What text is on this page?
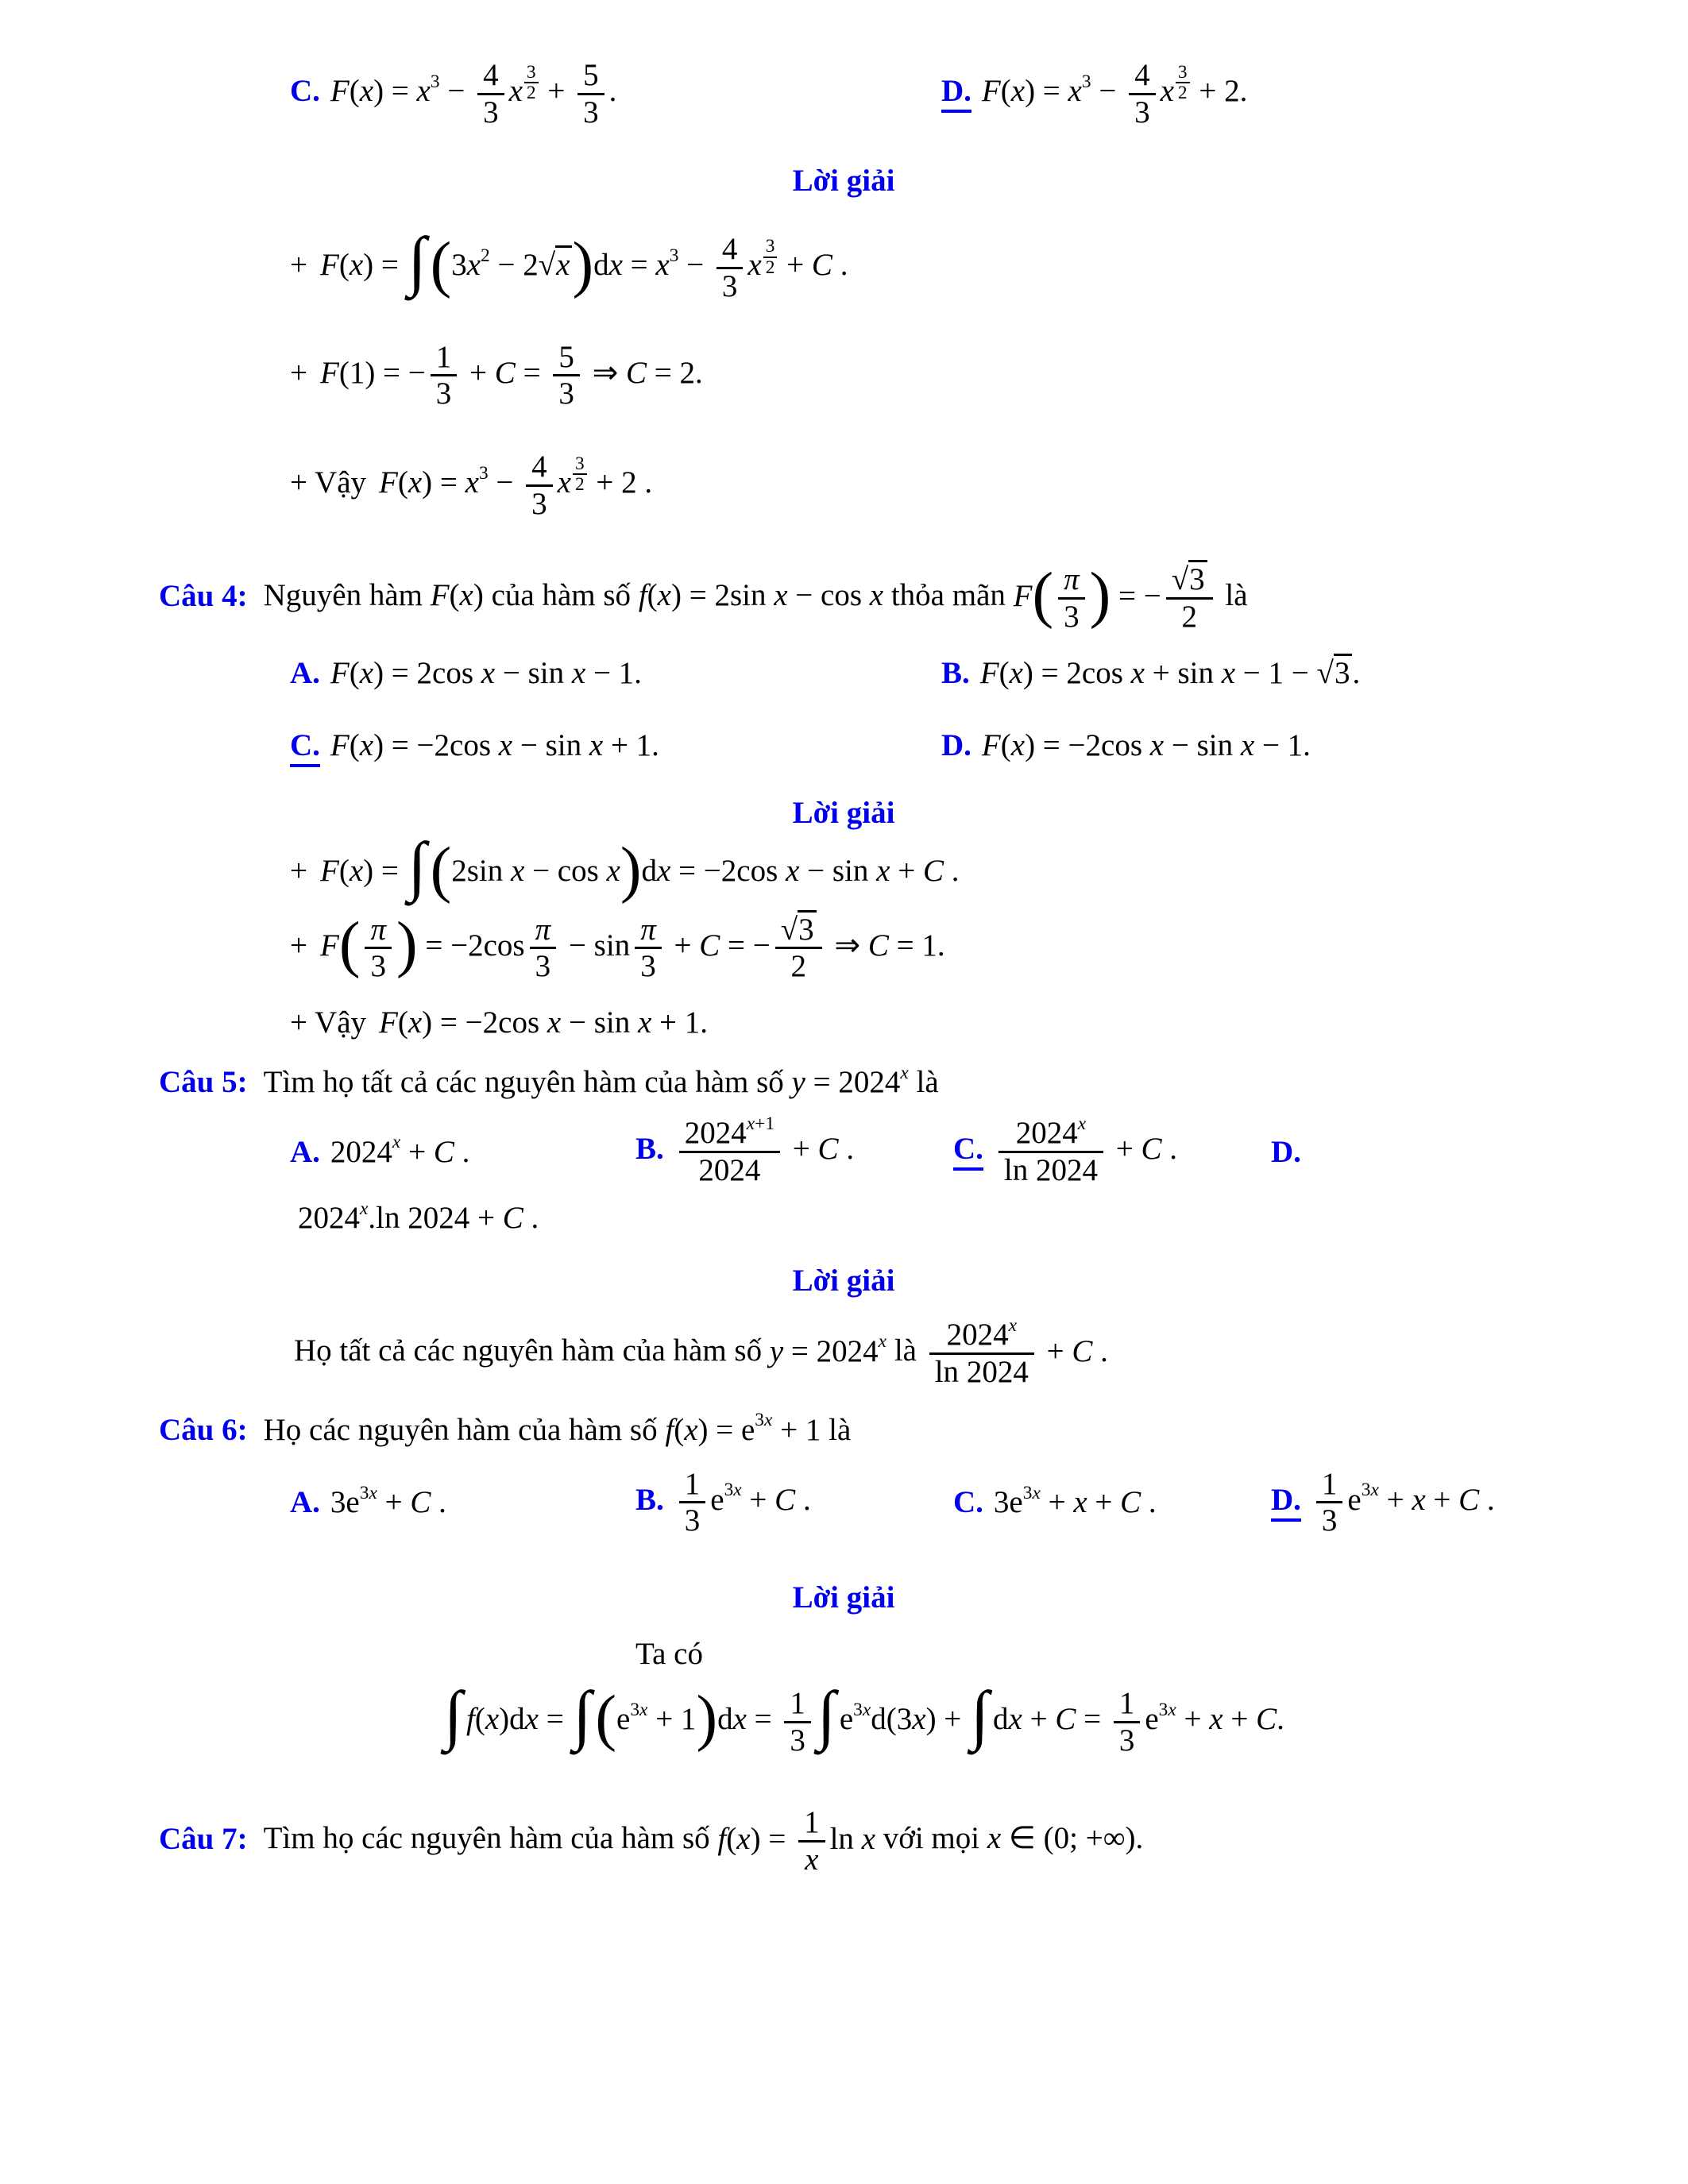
C. $F(x) = x^3 - \frac{4}{3}$ x $^{\frac{3}{2}} + \frac{5}{3}$ .	D. $F(x) = x^3 - \frac{4}{3}$ x $^{\frac{3}{2}}$ + 2.
Lời giải
+ $F(x) = \int(3x^2 - 2√x)dx = x^3 - \frac{4}{3}$ x $^{\frac{3}{2}}$ + C .
+ F(1) = − $\frac{1}{3} + C = \frac{5}{3}$ ⇒ C = 2.
+ Vậy $F(x) = x^3 - \frac{4}{3}$ x $^{\frac{3}{2}}$ + 2 .
Câu 4: Nguyên hàm F(x) của hàm số f(x) = 2sin x − cos x thỏa mãn $F( \frac{\pi}{3}$ ) = − $\frac{√3}{2}$ là
A. F(x) = 2cos x − sin x − 1.	B. F(x) = 2cos x + sin x − 1 − √3.
C. F(x) = −2cos x − sin x + 1.	D. F(x) = −2cos x − sin x − 1.
Lời giải
+ F(x) = ∫(2sin x − cos x)dx = −2cos x − sin x + C .
+ $F( \frac{\pi}{3}$ ) = $-2\cos \frac{\pi}{3} - \sin \frac{\pi}{3} + C$ = − $\frac{√3}{2}$ ⇒ C = 1.
+ Vậy F(x) = −2cos x − sin x + 1.
Câu 5: Tìm họ tất cả các nguyên hàm của hàm số $y = 2024^x$ là
A. $2024^x + C$ .	B. $\frac{2024^{x+1}}{2024} + C$ .	C. $\frac{2024^x}{\ln 2024} + C$ .	D.
2024$^x$.ln 2024 + C .
Lời giải
Họ tất cả các nguyên hàm của hàm số $y = 2024^x$ là $\frac{2024^x}{\ln 2024} + C$ .
Câu 6: Họ các nguyên hàm của hàm số $f(x) = e^{3x} + 1$ là
A. $3e^{3x} + C$ .	B. $\frac{1}{3} e^{3x} + C$ .	C. $3e^{3x} + x + C$ .	D. $\frac{1}{3} e^{3x} + x + C$ .
Lời giải
Ta có
∫ $f(x)dx = \int(e^{3x} + 1)dx = \frac{1}{3}$ ∫ $e^{3x}d(3x)$ + ∫ dx + $C = \frac{1}{3} e^{3x} + x + C$.
Câu 7: Tìm họ các nguyên hàm của hàm số $f(x) = \frac{1}{x}$ ln x với mọi x ∈ (0; +∞).
